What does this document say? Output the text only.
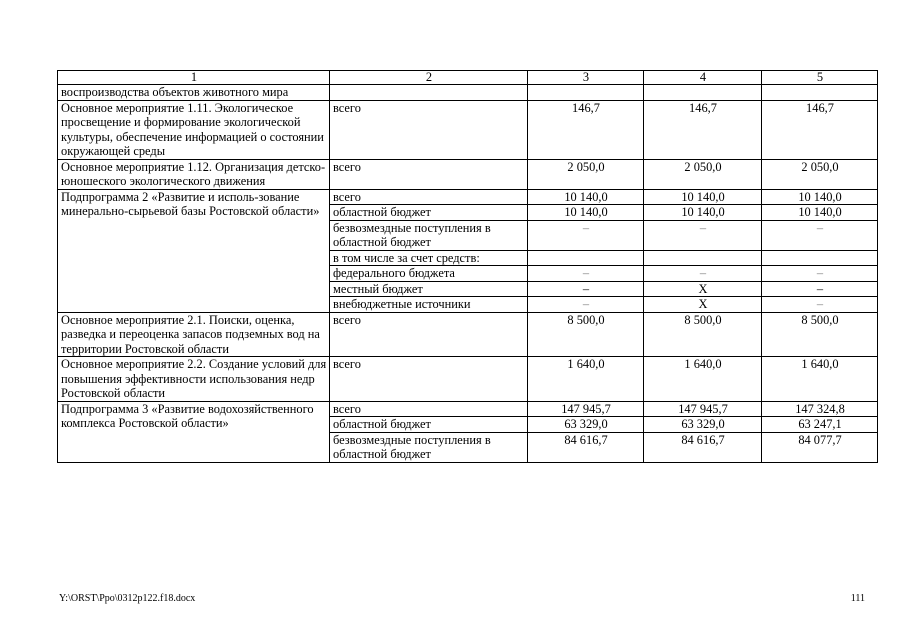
1	2	3	4	5
воспроизводства объектов животного мира				
Основное мероприятие 1.11. Экологическое просвещение и формирование экологической культуры, обеспечение информацией о состоянии окружающей среды	всего	146,7	146,7	146,7
Основное мероприятие 1.12. Организация детско-юношеского экологического движения	всего	2 050,0	2 050,0	2 050,0
Подпрограмма 2 «Развитие и исполь-зование минерально-сырьевой базы Ростовской области»	всего	10 140,0	10 140,0	10 140,0
	областной бюджет	10 140,0	10 140,0	10 140,0
	безвозмездные поступления в областной бюджет	–	–	–
	в том числе за счет средств:			
	федерального бюджета	–	–	–
	местный бюджет	–	Х	–
	внебюджетные источники	–	Х	–
Основное мероприятие 2.1. Поиски, оценка, разведка и переоценка запасов подземных вод на территории Ростовской области	всего	8 500,0	8 500,0	8 500,0
Основное мероприятие 2.2. Создание условий для повышения эффективности использования недр Ростовской области	всего	1 640,0	1 640,0	1 640,0
Подпрограмма 3 «Развитие водохозяйственного комплекса Ростовской области»	всего	147 945,7	147 945,7	147 324,8
	областной бюджет	63 329,0	63 329,0	63 247,1
	безвозмездные поступления в областной бюджет	84 616,7	84 616,7	84 077,7
Y:\ORST\Ppo\0312p122.f18.docx	111
